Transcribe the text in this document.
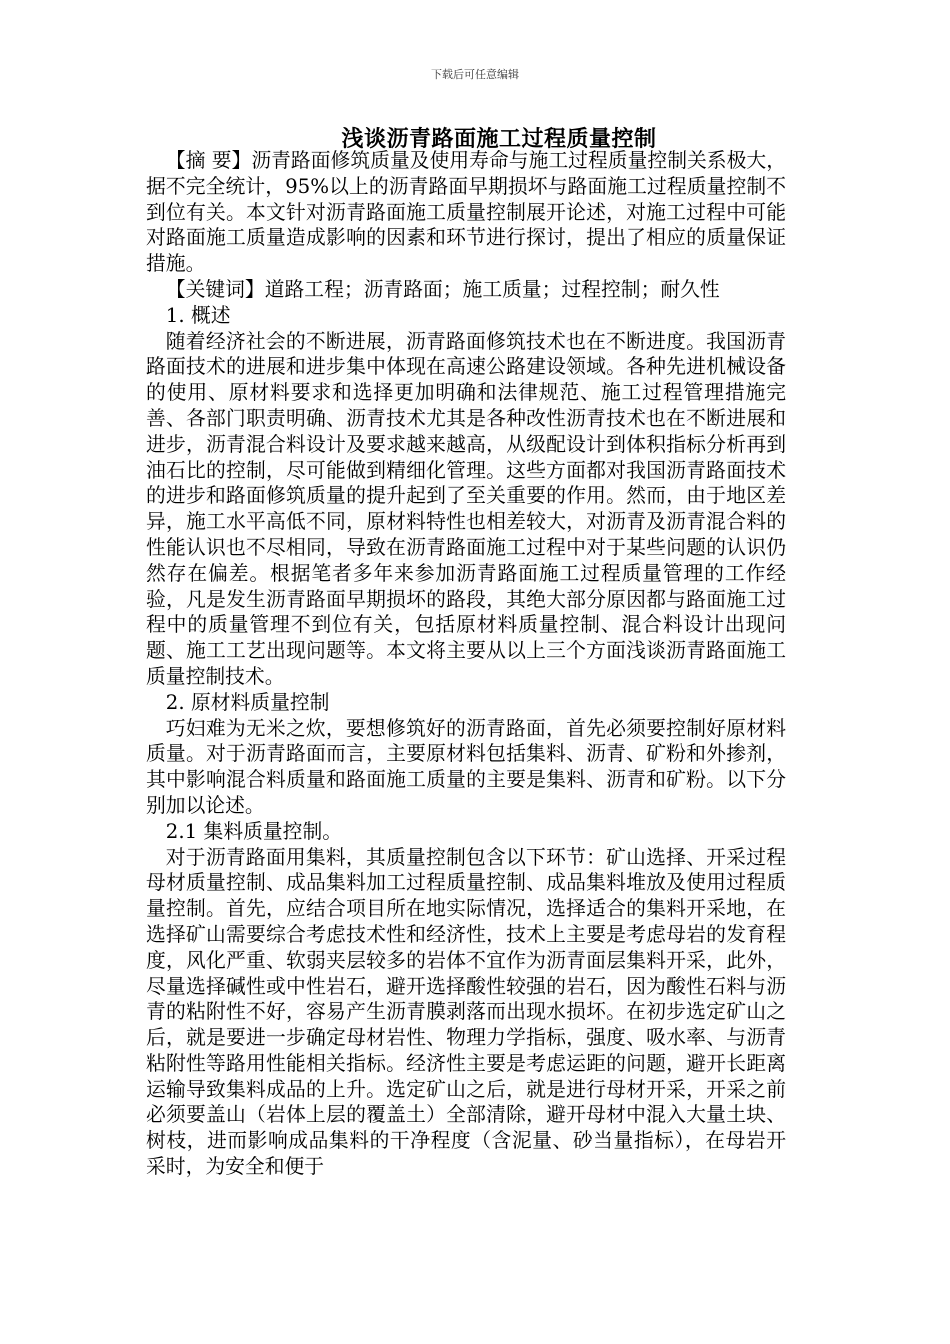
下载后可任意编辑
浅谈沥青路面施工过程质量控制

【摘 要】沥青路面修筑质量及使用寿命与施工过程质量控制关系极大，据不完全统计，95%以上的沥青路面早期损坏与路面施工过程质量控制不到位有关。本文针对沥青路面施工质量控制展开论述，对施工过程中可能对路面施工质量造成影响的因素和环节进行探讨，提出了相应的质量保证措施。

【关键词】道路工程；沥青路面；施工质量；过程控制；耐久性

1. 概述

随着经济社会的不断进展，沥青路面修筑技术也在不断进度。我国沥青路面技术的进展和进步集中体现在高速公路建设领域。各种先进机械设备的使用、原材料要求和选择更加明确和法律规范、施工过程管理措施完善、各部门职责明确、沥青技术尤其是各种改性沥青技术也在不断进展和进步，沥青混合料设计及要求越来越高，从级配设计到体积指标分析再到油石比的控制，尽可能做到精细化管理。这些方面都对我国沥青路面技术的进步和路面修筑质量的提升起到了至关重要的作用。然而，由于地区差异，施工水平高低不同，原材料特性也相差较大，对沥青及沥青混合料的性能认识也不尽相同，导致在沥青路面施工过程中对于某些问题的认识仍然存在偏差。根据笔者多年来参加沥青路面施工过程质量管理的工作经验，凡是发生沥青路面早期损坏的路段，其绝大部分原因都与路面施工过程中的质量管理不到位有关，包括原材料质量控制、混合料设计出现问题、施工工艺出现问题等。本文将主要从以上三个方面浅谈沥青路面施工质量控制技术。

2. 原材料质量控制

巧妇难为无米之炊，要想修筑好的沥青路面，首先必须要控制好原材料质量。对于沥青路面而言，主要原材料包括集料、沥青、矿粉和外掺剂，其中影响混合料质量和路面施工质量的主要是集料、沥青和矿粉。以下分别加以论述。

2.1 集料质量控制。

对于沥青路面用集料，其质量控制包含以下环节：矿山选择、开采过程母材质量控制、成品集料加工过程质量控制、成品集料堆放及使用过程质量控制。首先，应结合项目所在地实际情况，选择适合的集料开采地，在选择矿山需要综合考虑技术性和经济性，技术上主要是考虑母岩的发育程度，风化严重、软弱夹层较多的岩体不宜作为沥青面层集料开采，此外，尽量选择碱性或中性岩石，避开选择酸性较强的岩石，因为酸性石料与沥青的粘附性不好，容易产生沥青膜剥落而出现水损坏。在初步选定矿山之后，就是要进一步确定母材岩性、物理力学指标，强度、吸水率、与沥青粘附性等路用性能相关指标。经济性主要是考虑运距的问题，避开长距离运输导致集料成品的上升。选定矿山之后，就是进行母材开采，开采之前必须要盖山（岩体上层的覆盖土）全部清除，避开母材中混入大量土块、树枝，进而影响成品集料的干净程度（含泥量、砂当量指标），在母岩开采时，为安全和便于
